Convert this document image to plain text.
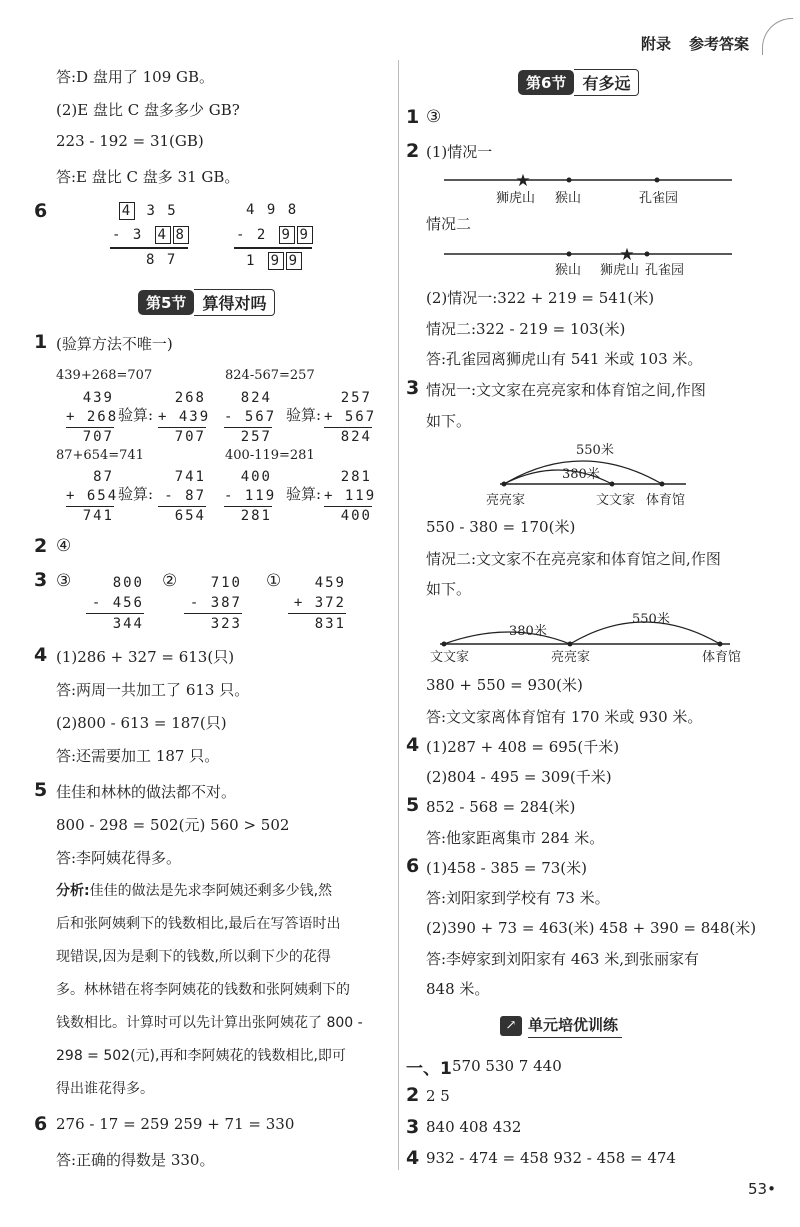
附录 参考答案
答:D 盘用了 109 GB。
(2)E 盘比 C 盘多多少 GB?
223 - 192 = 31(GB)
答:E 盘比 C 盘多 31 GB。
6	4 3 5
- 3 4 8
8 7
4 9 8
- 2 9 9
1 9 9
第5节	算得对吗
1 (验算方法不唯一)
439+268=707	824-567=257
439
+ 268
707
验算:
268
+ 439
707
824
- 567
257
验算:
257
+ 567
824
87+654=741	400-119=281
87
+ 654
741
验算:
741
- 87
654
400
- 119
281
验算:
281
+ 119
400
2 ④
3 ③	800
- 456
344
②	710
- 387
323
①	459
+ 372
831
4 (1)286 + 327 = 613(只)
答:两周一共加工了 613 只。
(2)800 - 613 = 187(只)
答:还需要加工 187 只。
5 佳佳和林林的做法都不对。
800 - 298 = 502(元) 560 > 502
答:李阿姨花得多。
分析:佳佳的做法是先求李阿姨还剩多少钱,然
后和张阿姨剩下的钱数相比,最后在写答语时出
现错误,因为是剩下的钱数,所以剩下少的花得
多。林林错在将李阿姨花的钱数和张阿姨剩下的
钱数相比。计算时可以先计算出张阿姨花了 800 -
298 = 502(元),再和李阿姨花的钱数相比,即可
得出谁花得多。
6 276 - 17 = 259 259 + 71 = 330
答:正确的得数是 330。
第6节	有多远
1 ③
2 (1)情况一
★
狮虎山 猴山	孔雀园
情况二
★
猴山 狮虎山 孔雀园
(2)情况一:322 + 219 = 541(米)
情况二:322 - 219 = 103(米)
答:孔雀园离狮虎山有 541 米或 103 米。
3 情况一:文文家在亮亮家和体育馆之间,作图
如下。
550米
380米
亮亮家	文文家 体育馆
550 - 380 = 170(米)
情况二:文文家不在亮亮家和体育馆之间,作图
如下。
380米
550米
文文家	亮亮家	体育馆
380 + 550 = 930(米)
答:文文家离体育馆有 170 米或 930 米。
4 (1)287 + 408 = 695(千米)
(2)804 - 495 = 309(千米)
5 852 - 568 = 284(米)
答:他家距离集市 284 米。
6 (1)458 - 385 = 73(米)
答:刘阳家到学校有 73 米。
(2)390 + 73 = 463(米) 458 + 390 = 848(米)
答:李婷家到刘阳家有 463 米,到张丽家有
848 米。
↗ 单元培优训练
一、1 570 530 7 440
2 2 5
3 840 408 432
4 932 - 474 = 458 932 - 458 = 474
53•
